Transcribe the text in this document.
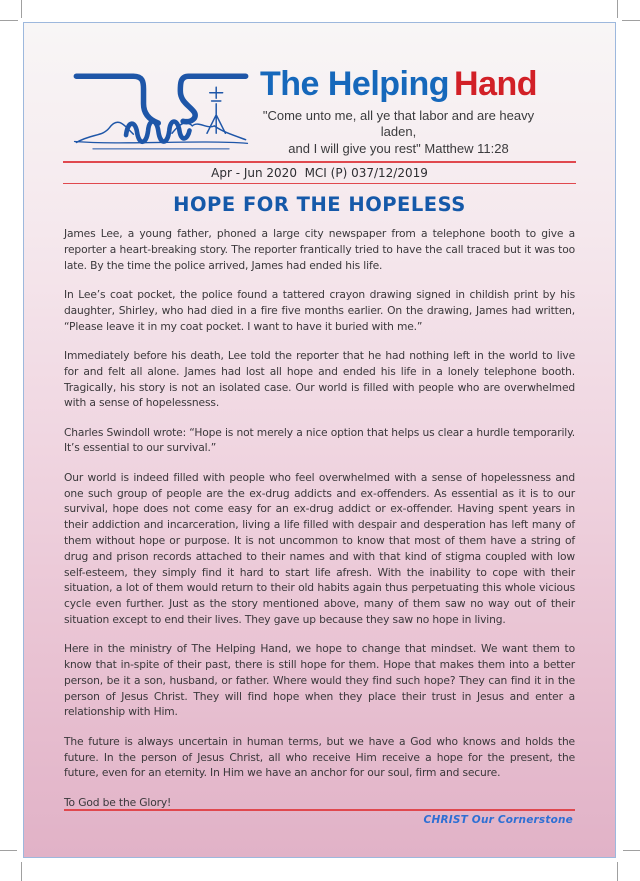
The Helping Hand
"Come unto me, all ye that labor and are heavy laden,
and I will give you rest" Matthew 11:28
Apr - Jun 2020  MCI (P) 037/12/2019
HOPE FOR THE HOPELESS

James Lee, a young father, phoned a large city newspaper from a telephone booth to give a reporter a heart-breaking story. The reporter frantically tried to have the call traced but it was too late. By the time the police arrived, James had ended his life.

In Lee’s coat pocket, the police found a tattered crayon drawing signed in childish print by his daughter, Shirley, who had died in a fire five months earlier. On the drawing, James had written, “Please leave it in my coat pocket. I want to have it buried with me.”

Immediately before his death, Lee told the reporter that he had nothing left in the world to live for and felt all alone. James had lost all hope and ended his life in a lonely telephone booth. Tragically, his story is not an isolated case. Our world is filled with people who are overwhelmed with a sense of hopelessness.

Charles Swindoll wrote: “Hope is not merely a nice option that helps us clear a hurdle temporarily. It’s essential to our survival.”

Our world is indeed filled with people who feel overwhelmed with a sense of hopelessness and one such group of people are the ex-drug addicts and ex-offenders. As essential as it is to our survival, hope does not come easy for an ex-drug addict or ex-offender. Having spent years in their addiction and incarceration, living a life filled with despair and desperation has left many of them without hope or purpose. It is not uncommon to know that most of them have a string of drug and prison records attached to their names and with that kind of stigma coupled with low self-esteem, they simply find it hard to start life afresh. With the inability to cope with their situation, a lot of them would return to their old habits again thus perpetuating this whole vicious cycle even further. Just as the story mentioned above, many of them saw no way out of their situation except to end their lives. They gave up because they saw no hope in living.

Here in the ministry of The Helping Hand, we hope to change that mindset. We want them to know that in-spite of their past, there is still hope for them. Hope that makes them into a better person, be it a son, husband, or father. Where would they find such hope? They can find it in the person of Jesus Christ. They will find hope when they place their trust in Jesus and enter a relationship with Him.

The future is always uncertain in human terms, but we have a God who knows and holds the future. In the person of Jesus Christ, all who receive Him receive a hope for the present, the future, even for an eternity. In Him we have an anchor for our soul, firm and secure.

To God be the Glory!

CHRIST Our Cornerstone
